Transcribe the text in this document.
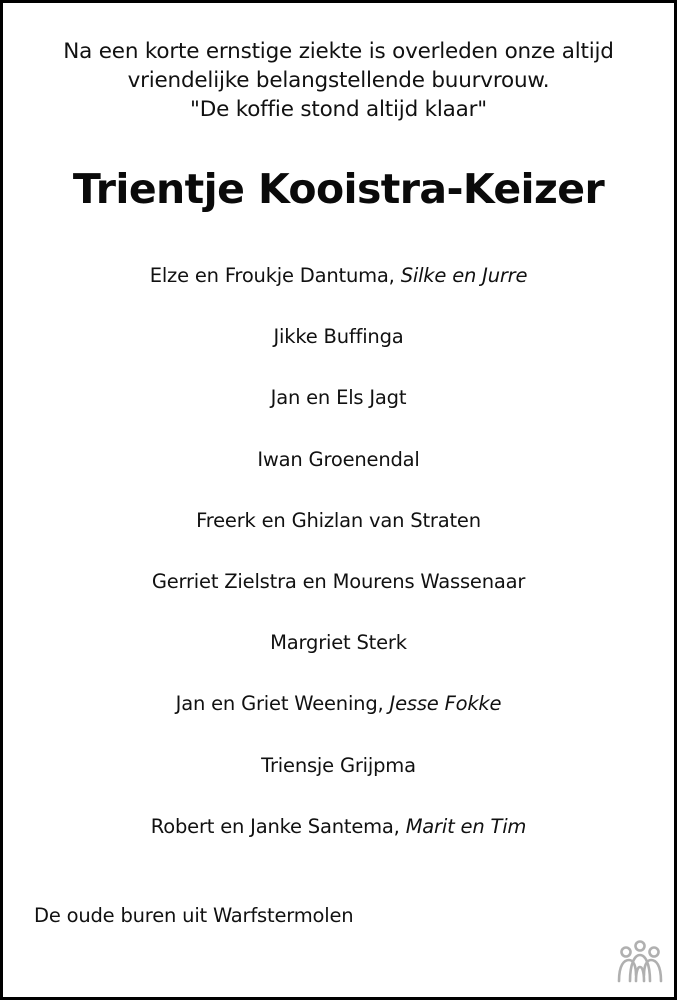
Na een korte ernstige ziekte is overleden onze altijd
vriendelijke belangstellende buurvrouw.
"De koffie stond altijd klaar"
Trientje Kooistra-Keizer
Elze en Froukje Dantuma, Silke en Jurre
Jikke Buffinga
Jan en Els Jagt
Iwan Groenendal
Freerk en Ghizlan van Straten
Gerriet Zielstra en Mourens Wassenaar
Margriet Sterk
Jan en Griet Weening, Jesse Fokke
Triensje Grijpma
Robert en Janke Santema, Marit en Tim
De oude buren uit Warfstermolen
